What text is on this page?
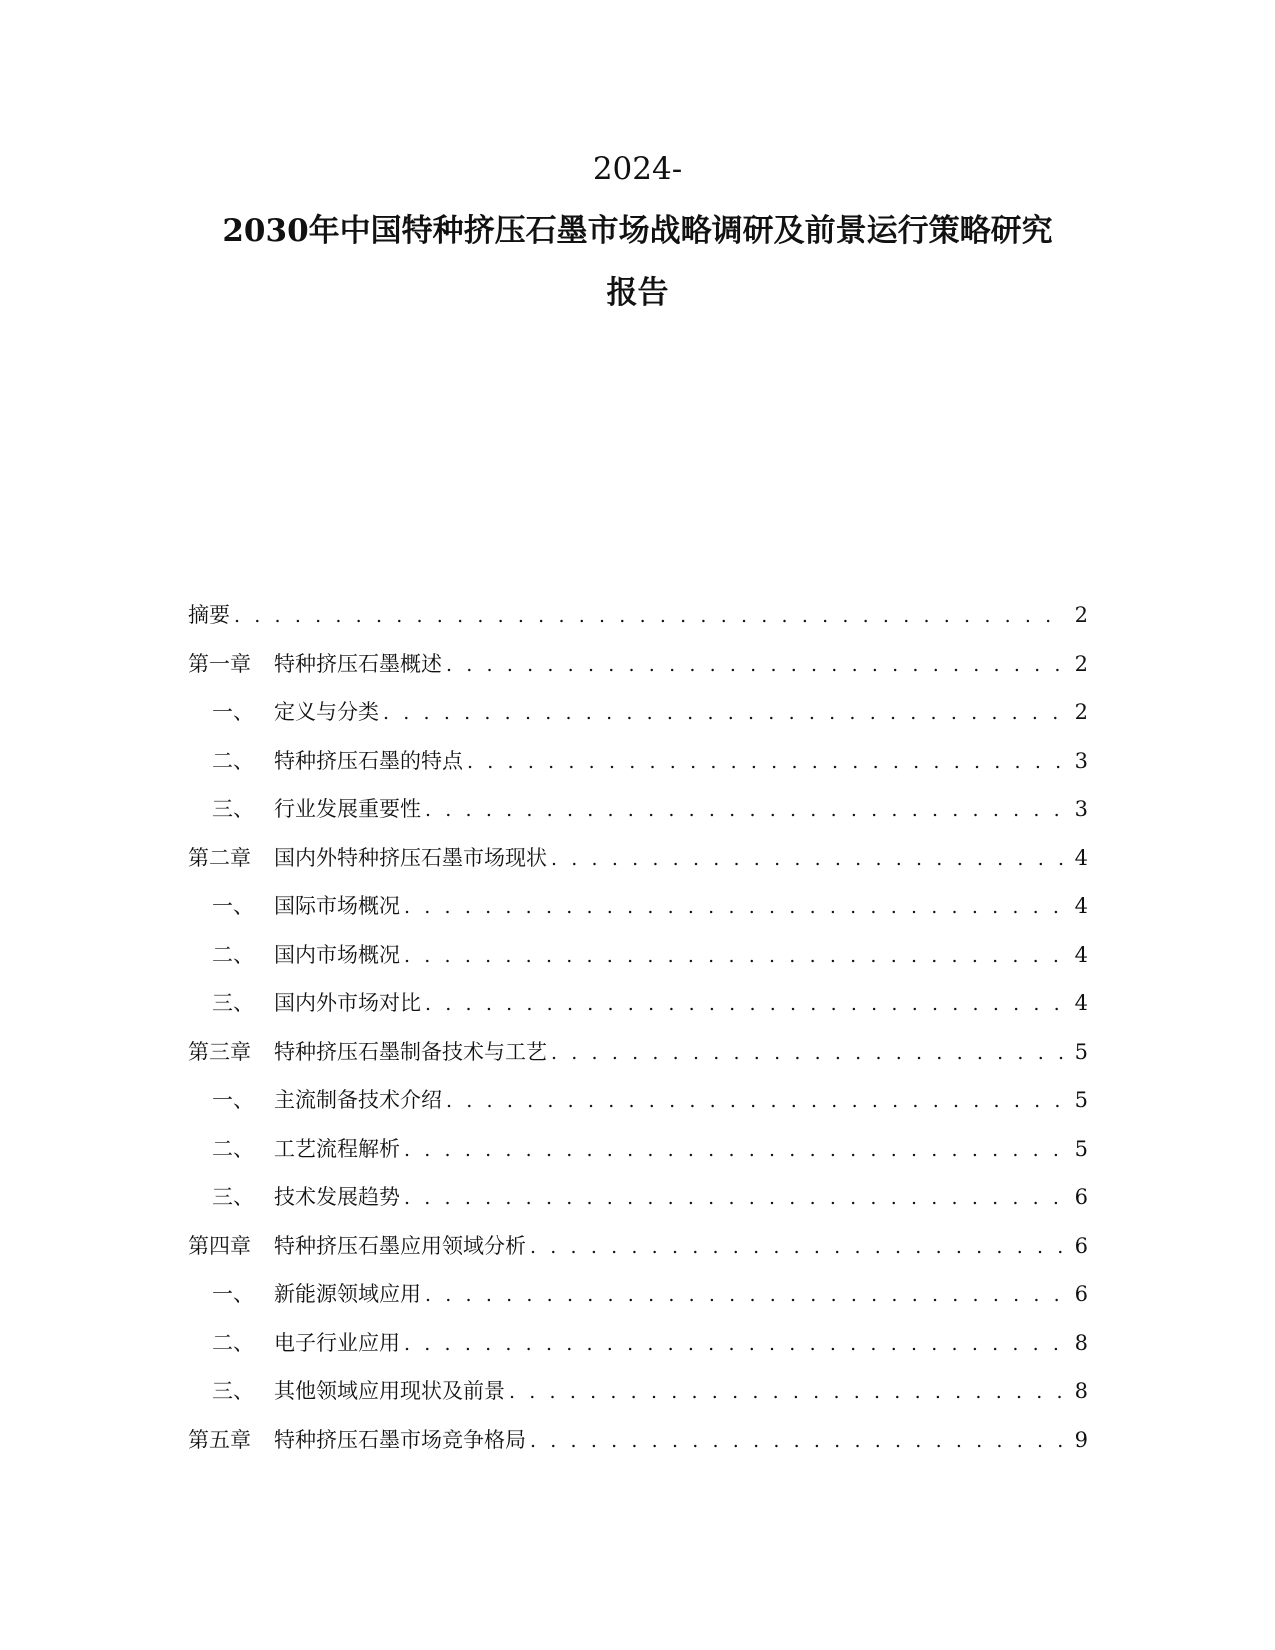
2024-
2030年中国特种挤压石墨市场战略调研及前景运行策略研究
报告
摘要 . . .	2
第一章	特种挤压石墨概述 . . .	2
一、 定义与分类 . . .	2
二、 特种挤压石墨的特点 . . .	3
三、 行业发展重要性 . . .	3
第二章	国内外特种挤压石墨市场现状 . . .	4
一、 国际市场概况 . . .	4
二、 国内市场概况 . . .	4
三、 国内外市场对比 . . .	4
第三章	特种挤压石墨制备技术与工艺 . . .	5
一、 主流制备技术介绍 . . .	5
二、 工艺流程解析 . . .	5
三、 技术发展趋势 . . .	6
第四章	特种挤压石墨应用领域分析 . . .	6
一、 新能源领域应用 . . .	6
二、 电子行业应用 . . .	8
三、 其他领域应用现状及前景 . . .	8
第五章	特种挤压石墨市场竞争格局 . . .	9
